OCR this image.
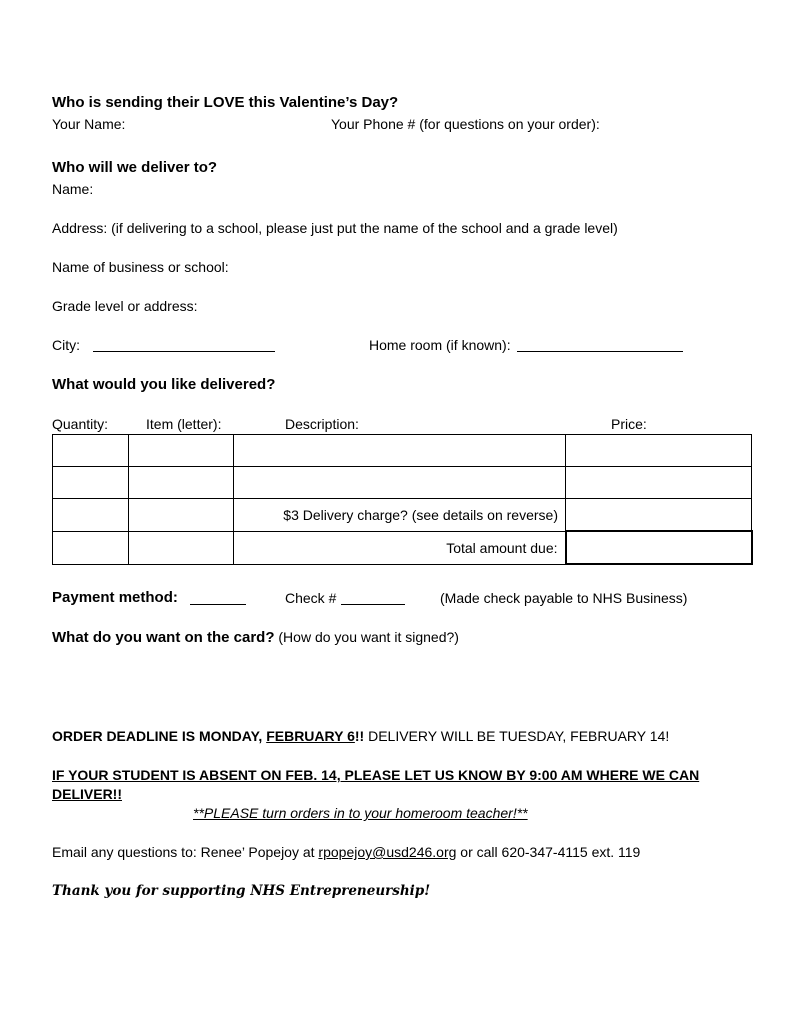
Who is sending their LOVE this Valentine’s Day?
Your Name:	Your Phone # (for questions on your order):
Who will we deliver to?
Name:
Address: (if delivering to a school, please just put the name of the school and a grade level)
Name of business or school:
Grade level or address:
City:	Home room (if known):
What would you like delivered?
Quantity:	Item (letter):	Description:	Price:

		$3 Delivery charge? (see details on reverse)	
		Total amount due:	
Payment method:	Check #	(Made check payable to NHS Business)
What do you want on the card? (How do you want it signed?)
ORDER DEADLINE IS MONDAY, FEBRUARY 6!! DELIVERY WILL BE TUESDAY, FEBRUARY 14!
IF YOUR STUDENT IS ABSENT ON FEB. 14, PLEASE LET US KNOW BY 9:00 AM WHERE WE CAN
DELIVER!!
**PLEASE turn orders in to your homeroom teacher!**
Email any questions to: Renee’ Popejoy at rpopejoy@usd246.org or call 620-347-4115 ext. 119
Thank you for supporting NHS Entrepreneurship!
